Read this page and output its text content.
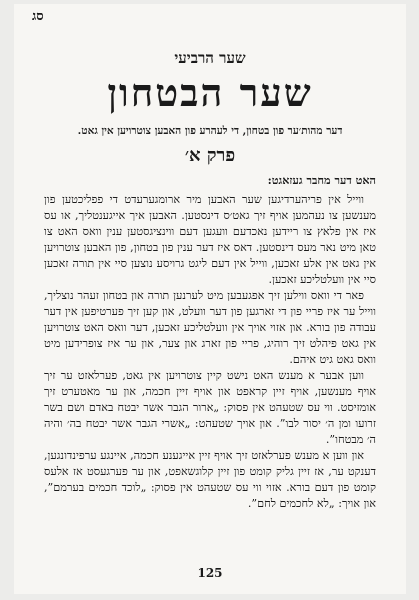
סג
שער הרביעי
שער הבטחון
דער מהות׳ער פון בטחון, די לעהרע פון האבען צוטרויען אין גאט.
פרק א׳

האט דער מחבר געזאגט:

ווייל אין פריהערדיגען שער האבען מיר ארומגערעדט די פפליכטען פון מענשען צו נעהמען אויף זיך גאט׳ס דינסטען. האבען איך אייגענטליך, או עס איז אין פלאץ צו ריידען נאכדעם וועגען דעם ווינציגסטען ענין וואס האט צו טאן מיט נאר מעס דינסטען. דאס איז דער ענין פון בטחון, פון האבען צוטרויען אין גאט אין אלע זאכען, ווייל אין דעם ליגט גרויסע נוצען סיי אין תורה זאכען סיי אין וועלטליכע זאכען.

פאר די וואס ווילען זיך אפגעבען מיט לערנען תורה און בטחון זעהר נוצליך, ווייל ער איז פריי פון די זארגען פון דער וועלט, און קען זיך פערטיפען אין דער עבודה פון בורא. און אזוי אויך אין וועלטליכע זאכען, דער וואס האט צוטרויען אין גאט פיהלט זיך רוהיג, פריי פון זארג און צער, און ער איז צופרידען מיט וואס גאט גיט איהם.

ווען אבער א מענש האט נישט קיין צוטרויען אין גאט, פערלאזט ער זיך אויף מענשען, אויף זיין קראפט און אויף זיין חכמה, און ער מאטערט זיך אומזיסט. ווי עס שטעהט אין פסוק: „ארור הגבר אשר יבטח באדם ושם בשר זרועו ומן ה׳ יסור לבו”. און אויך שטעהט: „אשרי הגבר אשר יבטח בה׳ והיה ה׳ מבטחו”.

און ווען א מענש פערלאזט זיך אויף זיין אייגענע חכמה, איינגע ערפינדונגען, דענקט ער, אז זיין גליק קומט פון זיין קלוגשאפט, און ער פערגעסט אז אלעס קומט פון דעם בורא. אזוי ווי עס שטעהט אין פסוק: „לוכד חכמים בערמם”, און אויך: „לא לחכמים לחם”.

125
